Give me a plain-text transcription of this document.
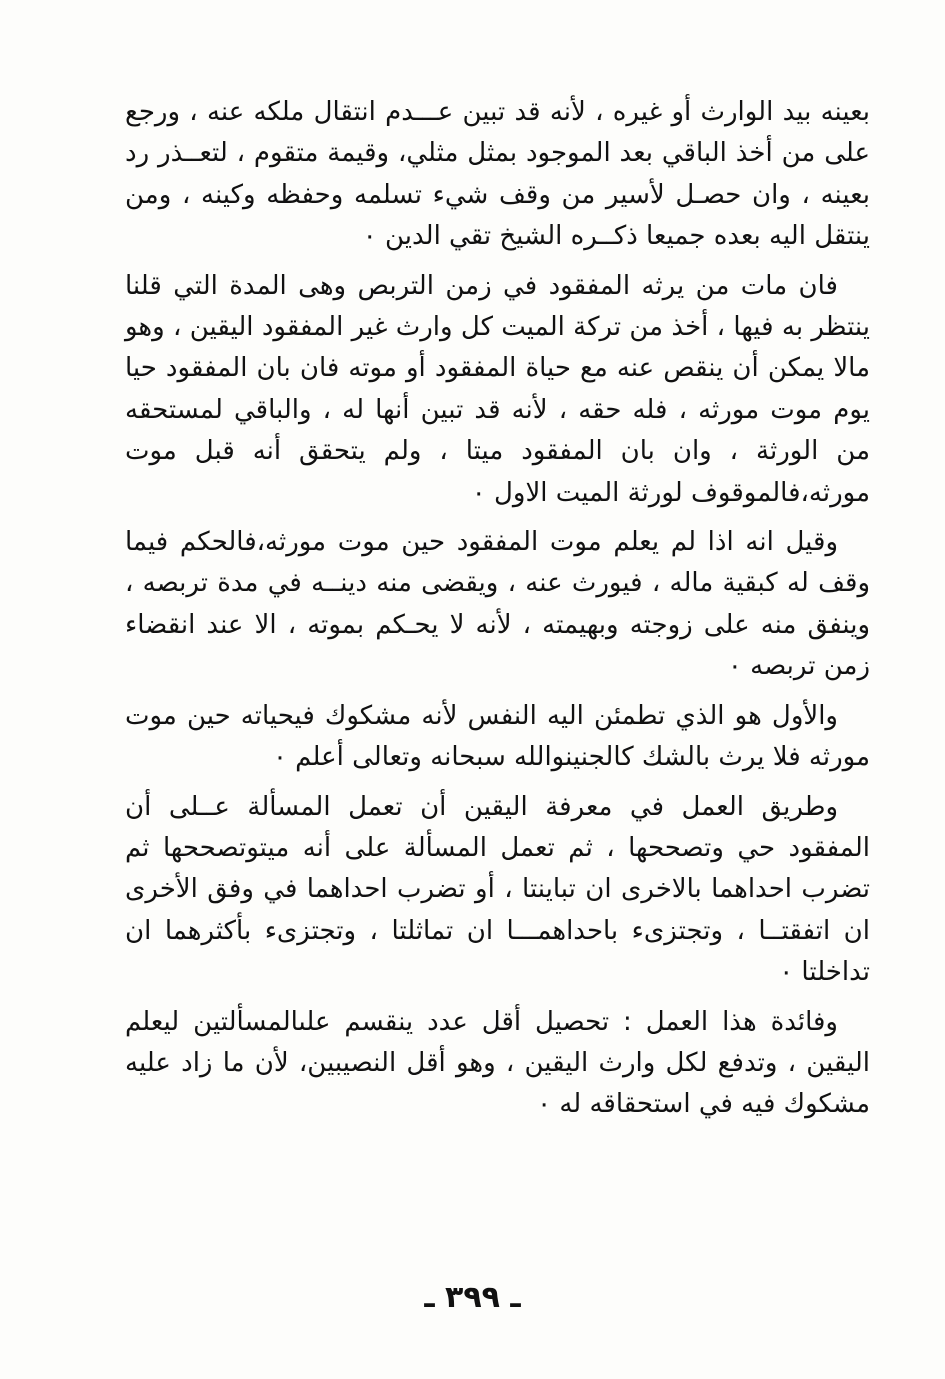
بعينه بيد الوارث أو غيره ، لأنه قد تبين عـــدم انتقال ملكه عنه ، ورجع على من أخذ الباقي بعد الموجود بمثل مثلي، وقيمة متقوم ، لتعــذر رد بعينه ، وان حصـل لأسير من وقف شيء تسلمه وحفظه وكينه ، ومن ينتقل اليه بعده جميعا ذكــره الشيخ تقي الدين ٠

فان مات من يرثه المفقود في زمن التربص وهى المدة التي قلنا ينتظر به فيها ، أخذ من تركة الميت كل وارث غير المفقود اليقين ، وهو مالا يمكن أن ينقص عنه مع حياة المفقود أو موته فان بان المفقود حيا يوم موت مورثه ، فله حقه ، لأنه قد تبين أنها له ، والباقي لمستحقه من الورثة ، وان بان المفقود ميتا ، ولم يتحقق أنه قبل موت مورثه،فالموقوف لورثة الميت الاول ٠

وقيل انه اذا لم يعلم موت المفقود حين موت مورثه،فالحكم فيما وقف له كبقية ماله ، فيورث عنه ، ويقضى منه دينــه في مدة تربصه ، وينفق منه على زوجته وبهيمته ، لأنه لا يحـكم بموته ، الا عند انقضاء زمن تربصه ٠

والأول هو الذي تطمئن اليه النفس لأنه مشكوك فيحياته حين موت مورثه فلا يرث بالشك كالجنينوالله سبحانه وتعالى أعلم ٠

وطريق العمل في معرفة اليقين أن تعمل المسألة عــلى أن المفقود حي وتصححها ، ثم تعمل المسألة على أنه ميتوتصححها ثم تضرب احداهما بالاخرى ان تباينتا ، أو تضرب احداهما في وفق الأخرى ان اتفقتــا ، وتجتزىء باحداهمـــا ان تماثلتا ، وتجتزىء بأكثرهما ان تداخلتا ٠

وفائدة هذا العمل : تحصيل أقل عدد ينقسم علىالمسألتين ليعلم اليقين ، وتدفع لكل وارث اليقين ، وهو أقل النصيبين، لأن ما زاد عليه مشكوك فيه في استحقاقه له ٠

ـ ٣٩٩ ـ
